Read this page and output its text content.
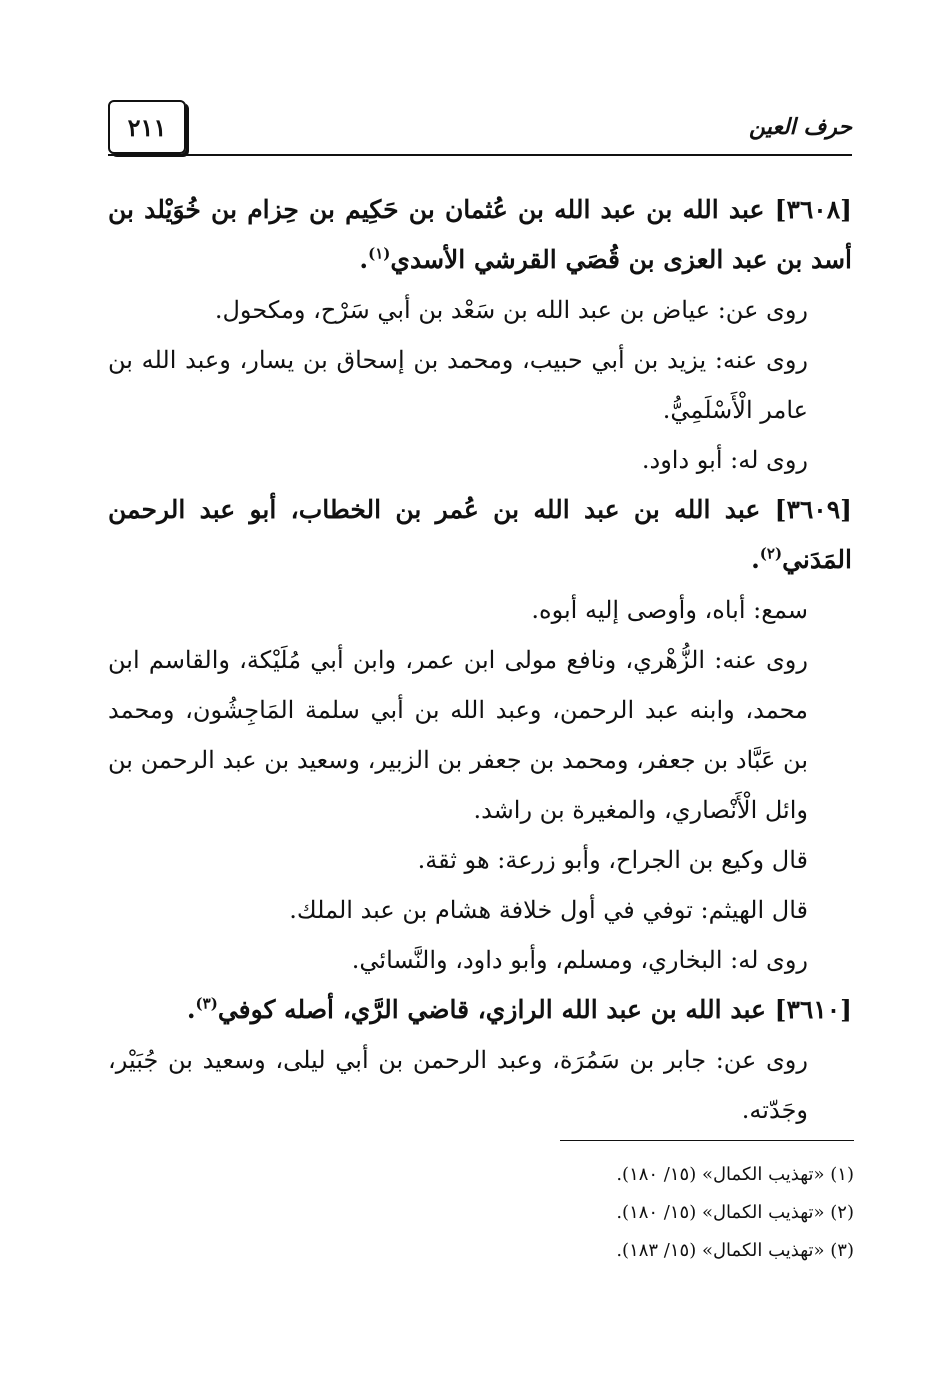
٢١١	حرف العين

[٣٦٠٨] عبد الله بن عبد الله بن عُثمان بن حَكِيم بن حِزام بن خُوَيْلد بن أسد بن عبد العزى بن قُصَي القرشي الأسدي$^{(١)}$.

روى عن: عياض بن عبد الله بن سَعْد بن أبي سَرْح، ومكحول.

روى عنه: يزيد بن أبي حبيب، ومحمد بن إسحاق بن يسار، وعبد الله بن عامر الْأَسْلَمِيُّ.

روى له: أبو داود.

[٣٦٠٩] عبد الله بن عبد الله بن عُمر بن الخطاب، أبو عبد الرحمن المَدَني$^{(٢)}$.

سمع: أباه، وأوصى إليه أبوه.

روى عنه: الزُّهْري، ونافع مولى ابن عمر، وابن أبي مُلَيْكة، والقاسم ابن محمد، وابنه عبد الرحمن، وعبد الله بن أبي سلمة المَاجِشُون، ومحمد بن عَبَّاد بن جعفر، ومحمد بن جعفر بن الزبير، وسعيد بن عبد الرحمن بن وائل الْأَنْصاري، والمغيرة بن راشد.

قال وكيع بن الجراح، وأبو زرعة: هو ثقة.

قال الهيثم: توفي في أول خلافة هشام بن عبد الملك.

روى له: البخاري، ومسلم، وأبو داود، والنَّسائي.

[٣٦١٠] عبد الله بن عبد الله الرازي، قاضي الرَّي، أصله كوفي$^{(٣)}$.

روى عن: جابر بن سَمُرَة، وعبد الرحمن بن أبي ليلى، وسعيد بن جُبَيْر، وجَدّته.

(١) «تهذيب الكمال» (١٥/ ١٨٠).
(٢) «تهذيب الكمال» (١٥/ ١٨٠).
(٣) «تهذيب الكمال» (١٥/ ١٨٣).
